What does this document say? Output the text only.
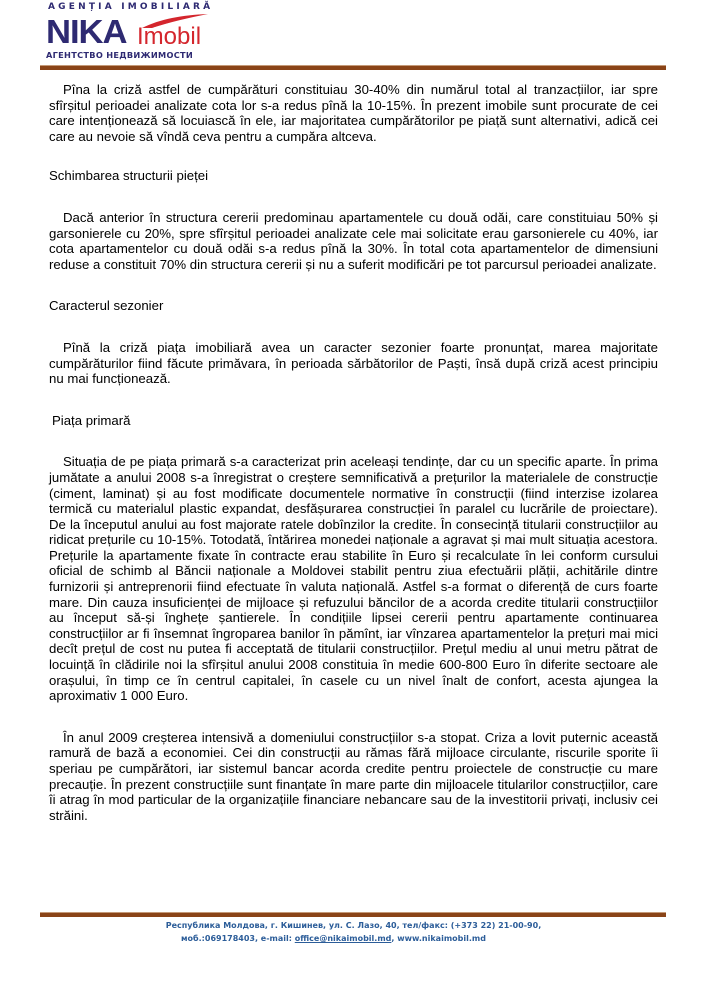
AGENȚIA IMOBILIARĂ
NIKA Imobil
АГЕНТСТВО НЕДВИЖИМОСТИ

Pîna la criză astfel de cumpărături constituiau 30-40% din numărul total al tranzacțiilor, iar spre sfîrșitul perioadei analizate cota lor s-a redus pînă la 10-15%. În prezent imobile sunt procurate de cei care intenționează să locuiască în ele, iar majoritatea cumpărătorilor pe piață sunt alternativi, adică cei care au nevoie să vîndă ceva pentru a cumpăra altceva.

Schimbarea structurii pieței

Dacă anterior în structura cererii predominau apartamentele cu două odăi, care constituiau 50% și garsonierele cu 20%, spre sfîrșitul perioadei analizate cele mai solicitate erau garsonierele cu 40%, iar cota apartamentelor cu două odăi s-a redus pînă la 30%. În total cota apartamentelor de dimensiuni reduse a constituit 70% din structura cererii și nu a suferit modificări pe tot parcursul perioadei analizate.

Caracterul sezonier

Pînă la criză piața imobiliară avea un caracter sezonier foarte pronunțat, marea majoritate cumpărăturilor fiind făcute primăvara, în perioada sărbătorilor de Paști, însă după criză acest principiu nu mai funcționează.

Piața primară

Situația de pe piața primară s-a caracterizat prin aceleași tendințe, dar cu un specific aparte. În prima jumătate a anului 2008 s-a înregistrat o creștere semnificativă a prețurilor la materialele de construcție (ciment, laminat) și au fost modificate documentele normative în construcții (fiind interzise izolarea termică cu materialul plastic expandat, desfășurarea construcției în paralel cu lucrările de proiectare). De la începutul anului au fost majorate ratele dobînzilor la credite. În consecință titularii construcțiilor au ridicat prețurile cu 10-15%. Totodată, întărirea monedei naționale a agravat și mai mult situația acestora. Prețurile la apartamente fixate în contracte erau stabilite în Euro și recalculate în lei conform cursului oficial de schimb al Băncii naționale a Moldovei stabilit pentru ziua efectuării plății, achitările dintre furnizorii și antreprenorii fiind efectuate în valuta națională. Astfel s-a format o diferență de curs foarte mare. Din cauza insuficienței de mijloace și refuzului băncilor de a acorda credite titularii construcțiilor au început să-și înghețe șantierele. În condițiile lipsei cererii pentru apartamente continuarea construcțiilor ar fi însemnat îngroparea banilor în pămînt, iar vînzarea apartamentelor la prețuri mai mici decît prețul de cost nu putea fi acceptată de titularii construcțiilor. Prețul mediu al unui metru pătrat de locuință în clădirile noi la sfîrșitul anului 2008 constituia în medie 600-800 Euro în diferite sectoare ale orașului, în timp ce în centrul capitalei, în casele cu un nivel înalt de confort, acesta ajungea la aproximativ 1 000 Euro.

În anul 2009 creșterea intensivă a domeniului construcțiilor s-a stopat. Criza a lovit puternic această ramură de bază a economiei. Cei din construcții au rămas fără mijloace circulante, riscurile sporite îi speriau pe cumpărători, iar sistemul bancar acorda credite pentru proiectele de construcție cu mare precauție. În prezent construcțiile sunt finanțate în mare parte din mijloacele titularilor construcțiilor, care îi atrag în mod particular de la organizațiile financiare nebancare sau de la investitorii privați, inclusiv cei străini.

Республика Молдова, г. Кишинев, ул. С. Лазо, 40, тел/факс: (+373 22) 21-00-90,
моб.:069178403, e-mail: office@nikaimobil.md, www.nikaimobil.md
